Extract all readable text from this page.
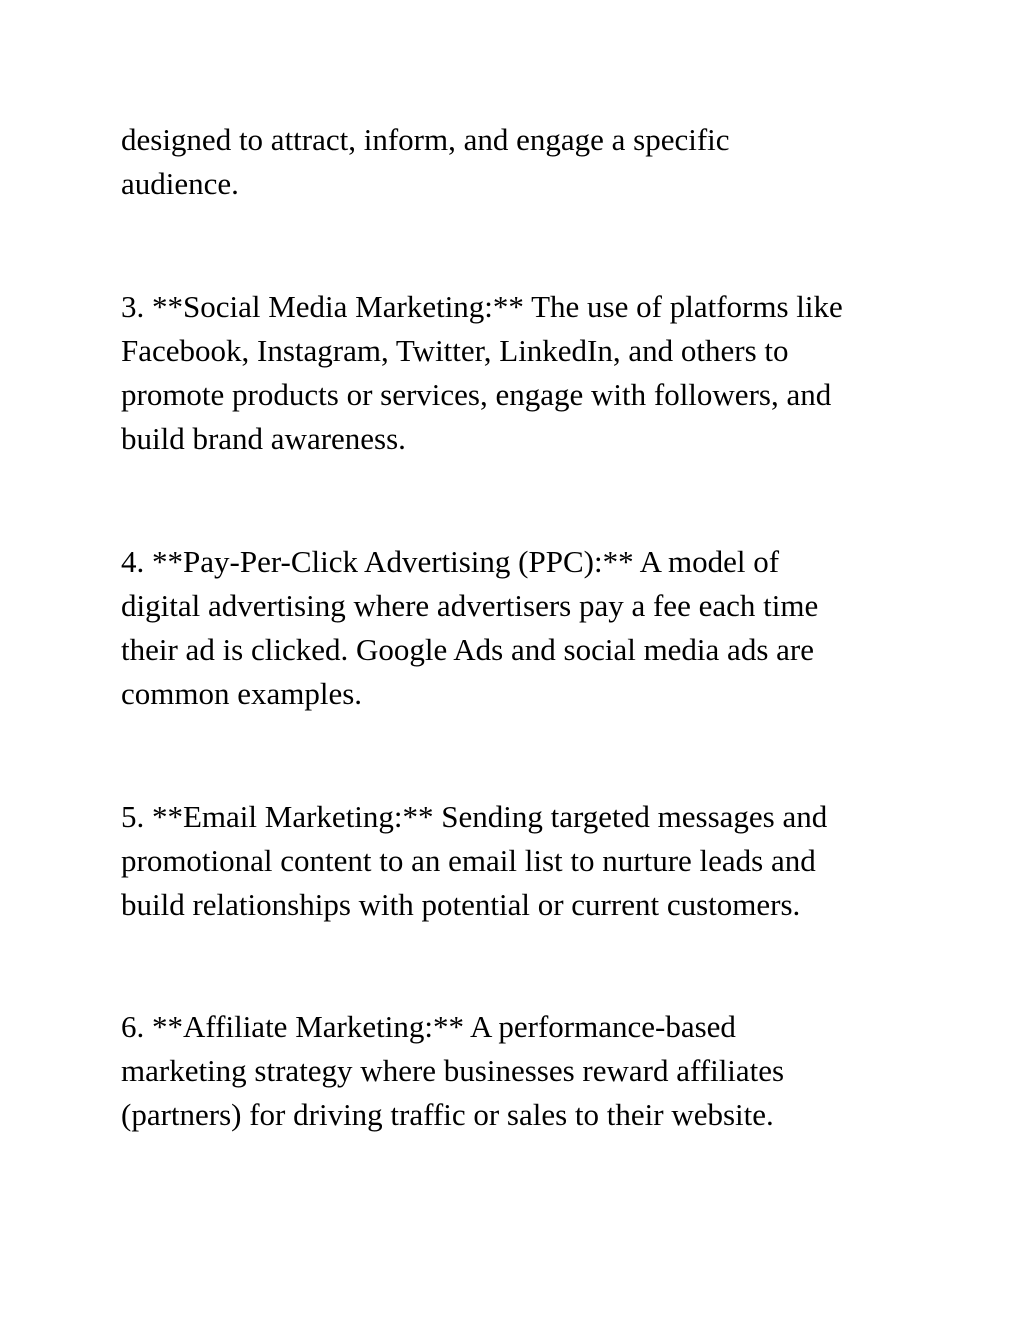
designed to attract, inform, and engage a specific
audience.

3. **Social Media Marketing:** The use of platforms like
Facebook, Instagram, Twitter, LinkedIn, and others to
promote products or services, engage with followers, and
build brand awareness.

4. **Pay-Per-Click Advertising (PPC):** A model of
digital advertising where advertisers pay a fee each time
their ad is clicked. Google Ads and social media ads are
common examples.

5. **Email Marketing:** Sending targeted messages and
promotional content to an email list to nurture leads and
build relationships with potential or current customers.

6. **Affiliate Marketing:** A performance-based
marketing strategy where businesses reward affiliates
(partners) for driving traffic or sales to their website.
